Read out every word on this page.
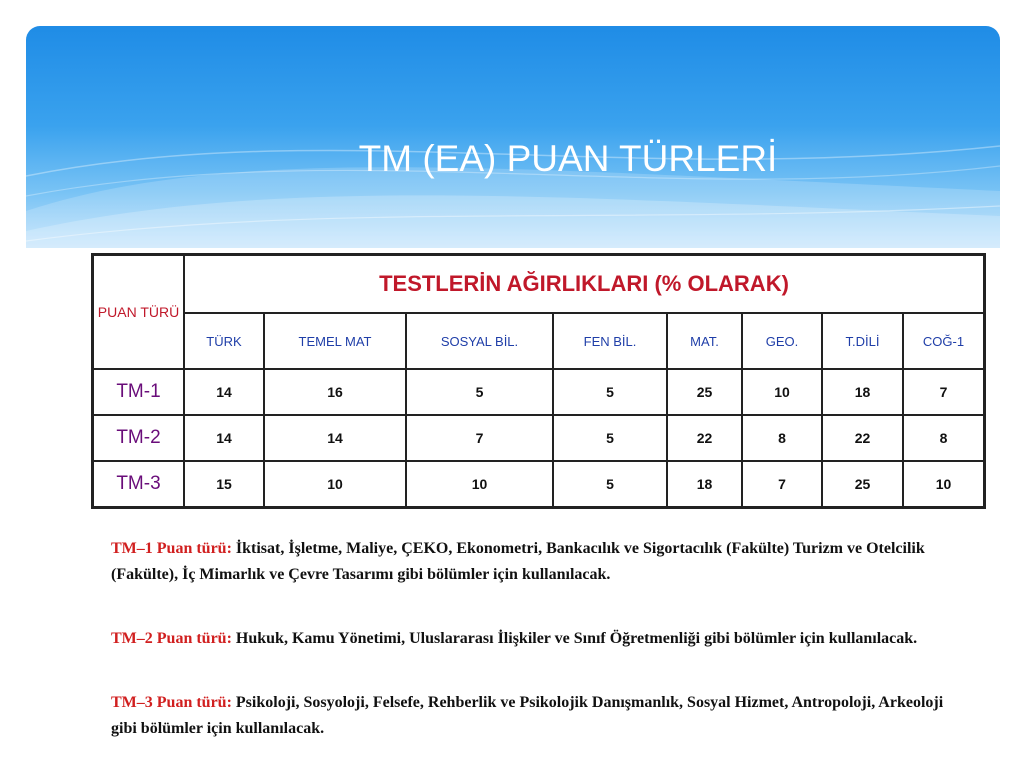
TM (EA) PUAN TÜRLERİ
PUAN TÜRÜ	TESTLERİN AĞIRLIKLARI (% OLARAK)							
	TÜRK	TEMEL MAT	SOSYAL BİL.	FEN BİL.	MAT.	GEO.	T.DİLİ	COĞ-1
TM-1	14	16	5	5	25	10	18	7
TM-2	14	14	7	5	22	8	22	8
TM-3	15	10	10	5	18	7	25	10

TM–1 Puan türü: İktisat, İşletme, Maliye, ÇEKO, Ekonometri, Bankacılık ve Sigortacılık (Fakülte) Turizm ve Otelcilik (Fakülte), İç Mimarlık ve Çevre Tasarımı gibi bölümler için kullanılacak.

TM–2 Puan türü: Hukuk, Kamu Yönetimi, Uluslararası İlişkiler ve Sınıf Öğretmenliği gibi bölümler için kullanılacak.

TM–3 Puan türü: Psikoloji, Sosyoloji, Felsefe, Rehberlik ve Psikolojik Danışmanlık, Sosyal Hizmet, Antropoloji, Arkeoloji gibi bölümler için kullanılacak.
